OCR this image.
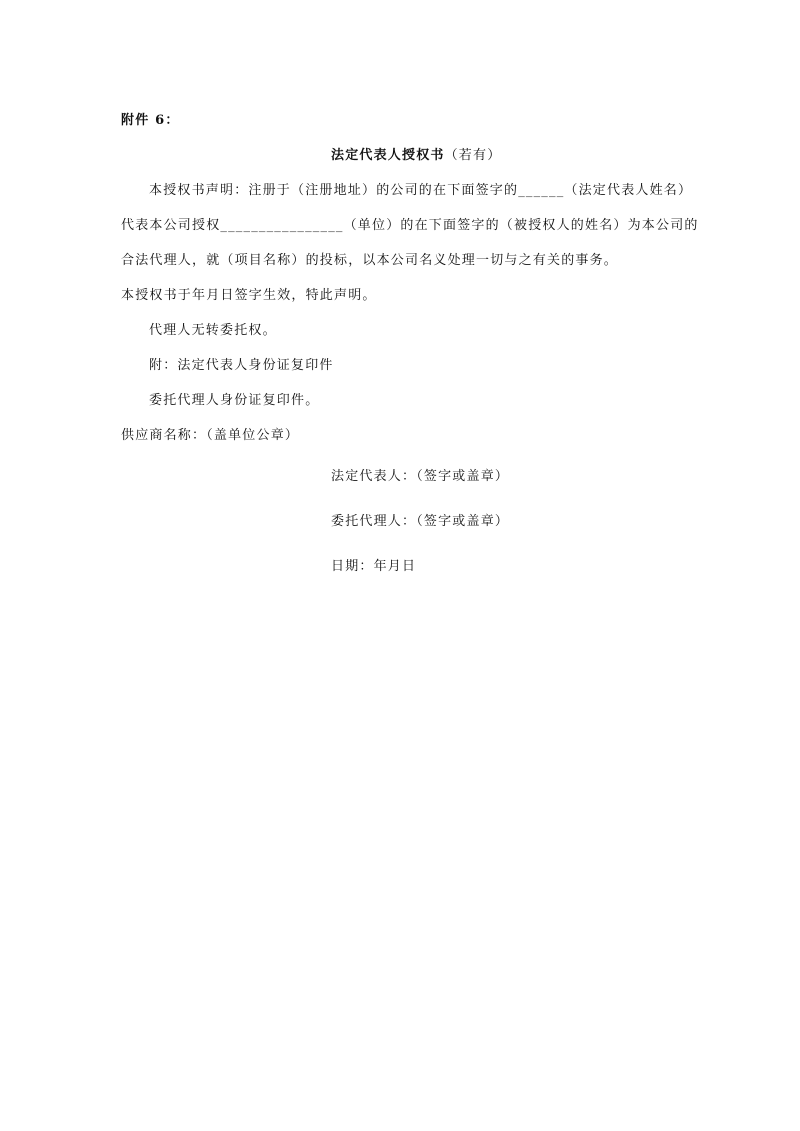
附件 6：
法定代表人授权书（若有）
本授权书声明：注册于（注册地址）的公司的在下面签字的______（法定代表人姓名）
代表本公司授权________________（单位）的在下面签字的（被授权人的姓名）为本公司的
合法代理人，就（项目名称）的投标，以本公司名义处理一切与之有关的事务。
本授权书于年月日签字生效，特此声明。
代理人无转委托权。
附：法定代表人身份证复印件
委托代理人身份证复印件。
供应商名称：（盖单位公章）
法定代表人：（签字或盖章）
委托代理人：（签字或盖章）
日期：年月日
